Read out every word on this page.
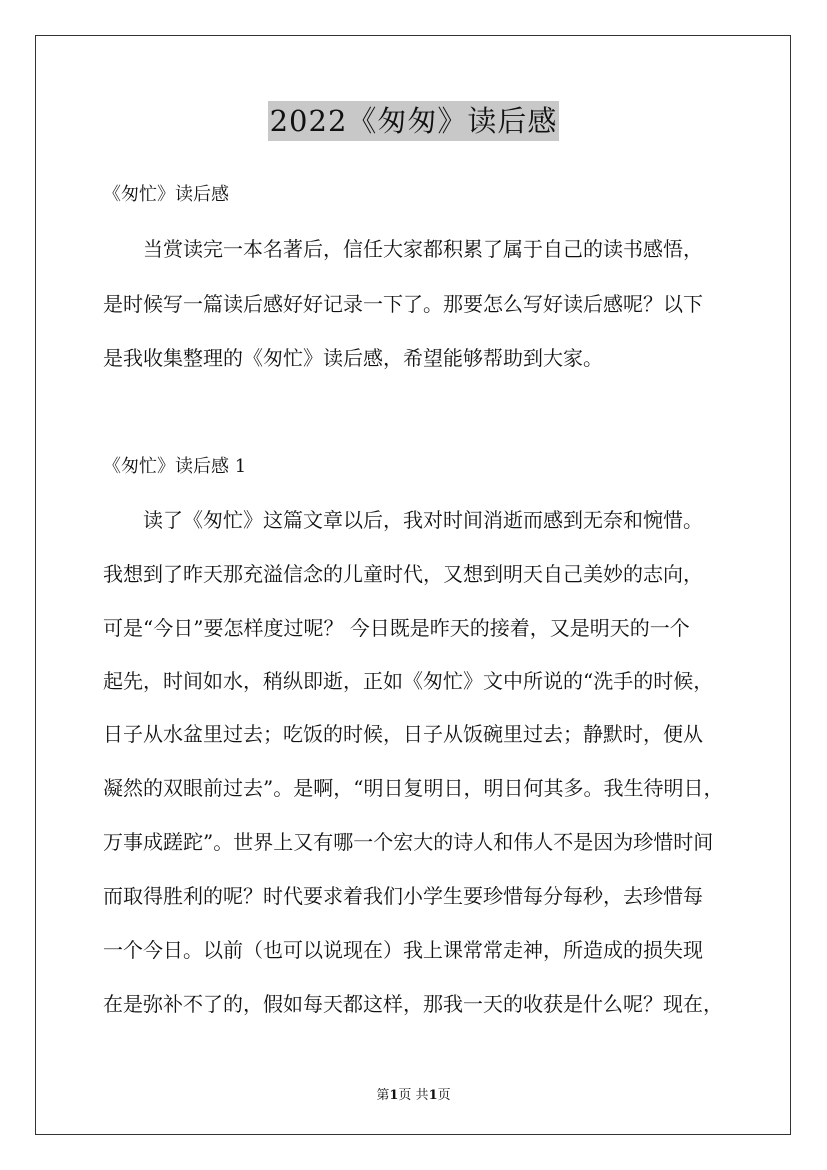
2022《匆匆》读后感
《匆忙》读后感
当赏读完一本名著后，信任大家都积累了属于自己的读书感悟，
是时候写一篇读后感好好记录一下了。那要怎么写好读后感呢？以下
是我收集整理的《匆忙》读后感，希望能够帮助到大家。
《匆忙》读后感 1
读了《匆忙》这篇文章以后，我对时间消逝而感到无奈和惋惜。
我想到了昨天那充溢信念的儿童时代，又想到明天自己美妙的志向，
可是“今日”要怎样度过呢？ 今日既是昨天的接着，又是明天的一个
起先，时间如水，稍纵即逝，正如《匆忙》文中所说的“洗手的时候，
日子从水盆里过去；吃饭的时候，日子从饭碗里过去；静默时，便从
凝然的双眼前过去”。是啊，“明日复明日，明日何其多。我生待明日，
万事成蹉跎”。世界上又有哪一个宏大的诗人和伟人不是因为珍惜时间
而取得胜利的呢？时代要求着我们小学生要珍惜每分每秒，去珍惜每
一个今日。以前（也可以说现在）我上课常常走神，所造成的损失现
在是弥补不了的，假如每天都这样，那我一天的收获是什么呢？现在，
第1页 共1页
